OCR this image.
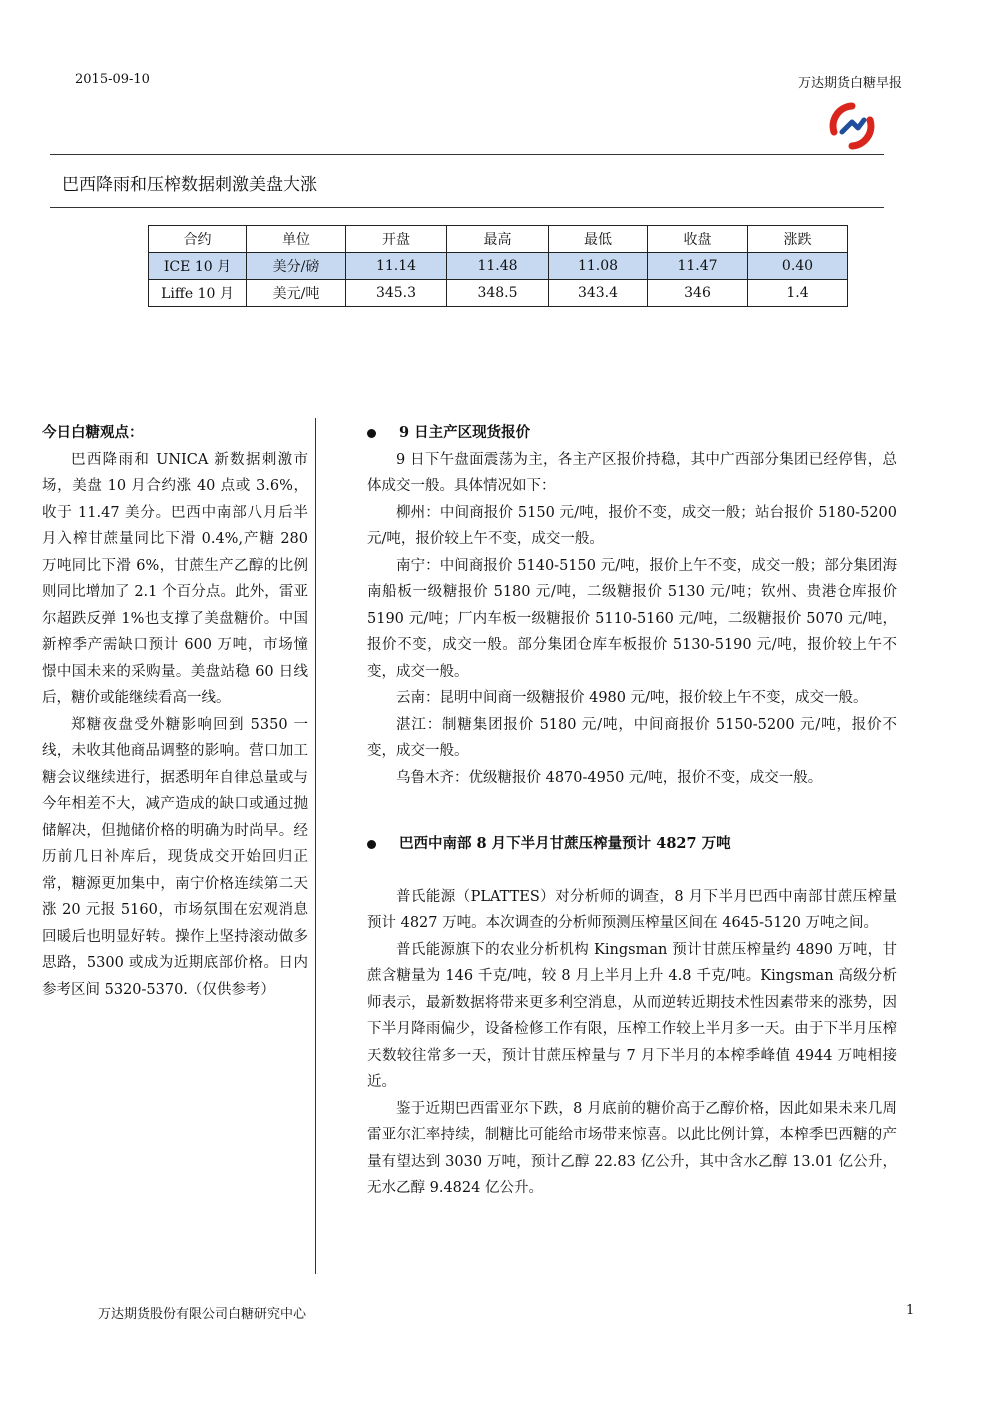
2015-09-10	万达期货白糖早报
巴西降雨和压榨数据刺激美盘大涨
合约	单位	开盘	最高	最低	收盘	涨跌
ICE 10 月	美分/磅	11.14	11.48	11.08	11.47	0.40
Liffe 10 月	美元/吨	345.3	348.5	343.4	346	1.4
今日白糖观点：

巴西降雨和 UNICA 新数据刺激市场，美盘 10 月合约涨 40 点或 3.6%，收于 11.47 美分。巴西中南部八月后半月入榨甘蔗量同比下滑 0.4%,产糖 280 万吨同比下滑 6%，甘蔗生产乙醇的比例则同比增加了 2.1 个百分点。此外，雷亚尔超跌反弹 1%也支撑了美盘糖价。中国新榨季产需缺口预计 600 万吨，市场憧憬中国未来的采购量。美盘站稳 60 日线后，糖价或能继续看高一线。

郑糖夜盘受外糖影响回到 5350 一线，未收其他商品调整的影响。营口加工糖会议继续进行，据悉明年自律总量或与今年相差不大，减产造成的缺口或通过抛储解决，但抛储价格的明确为时尚早。经历前几日补库后，现货成交开始回归正常，糖源更加集中，南宁价格连续第二天涨 20 元报 5160，市场氛围在宏观消息回暖后也明显好转。操作上坚持滚动做多思路，5300 或成为近期底部价格。日内参考区间 5320-5370.（仅供参考）

9 日主产区现货报价

9 日下午盘面震荡为主，各主产区报价持稳，其中广西部分集团已经停售，总体成交一般。具体情况如下：

柳州：中间商报价 5150 元/吨，报价不变，成交一般；站台报价 5180-5200 元/吨，报价较上午不变，成交一般。

南宁：中间商报价 5140-5150 元/吨，报价上午不变，成交一般；部分集团海南船板一级糖报价 5180 元/吨，二级糖报价 5130 元/吨；钦州、贵港仓库报价 5190 元/吨；厂内车板一级糖报价 5110-5160 元/吨，二级糖报价 5070 元/吨，报价不变，成交一般。部分集团仓库车板报价 5130-5190 元/吨，报价较上午不变，成交一般。

云南：昆明中间商一级糖报价 4980 元/吨，报价较上午不变，成交一般。

湛江：制糖集团报价 5180 元/吨，中间商报价 5150-5200 元/吨，报价不变，成交一般。

乌鲁木齐：优级糖报价 4870-4950 元/吨，报价不变，成交一般。

巴西中南部 8 月下半月甘蔗压榨量预计 4827 万吨

普氏能源（PLATTES）对分析师的调查，8 月下半月巴西中南部甘蔗压榨量预计 4827 万吨。本次调查的分析师预测压榨量区间在 4645-5120 万吨之间。

普氏能源旗下的农业分析机构 Kingsman 预计甘蔗压榨量约 4890 万吨，甘蔗含糖量为 146 千克/吨，较 8 月上半月上升 4.8 千克/吨。Kingsman 高级分析师表示，最新数据将带来更多利空消息，从而逆转近期技术性因素带来的涨势，因下半月降雨偏少，设备检修工作有限，压榨工作较上半月多一天。由于下半月压榨天数较往常多一天，预计甘蔗压榨量与 7 月下半月的本榨季峰值 4944 万吨相接近。

鉴于近期巴西雷亚尔下跌，8 月底前的糖价高于乙醇价格，因此如果未来几周雷亚尔汇率持续，制糖比可能给市场带来惊喜。以此比例计算，本榨季巴西糖的产量有望达到 3030 万吨，预计乙醇 22.83 亿公升，其中含水乙醇 13.01 亿公升，无水乙醇 9.4824 亿公升。

万达期货股份有限公司白糖研究中心	1
